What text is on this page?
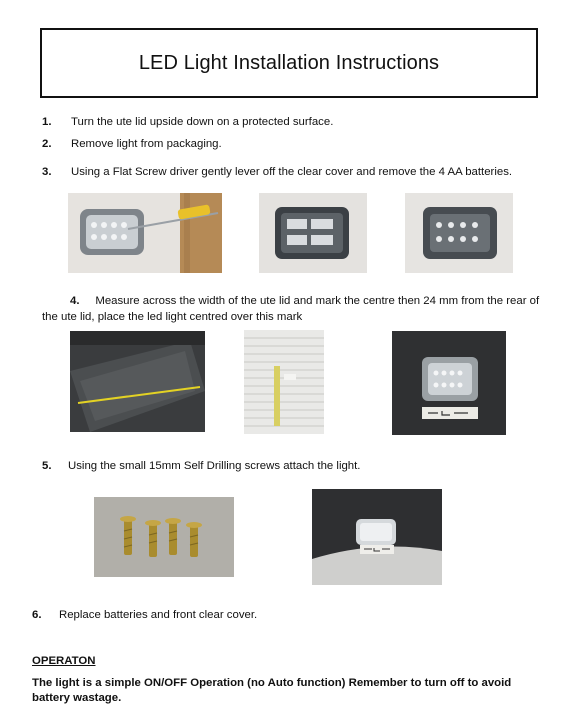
LED Light Installation Instructions
1. Turn the ute lid upside down on a protected surface.
2. Remove light from packaging.
3. Using a Flat Screw driver gently lever off the clear cover and remove the 4 AA batteries.

4. Measure across the width of the ute lid and mark the centre then 24 mm from the rear of the ute lid, place the led light centred over this mark

5. Using the small 15mm Self Drilling screws attach the light.
6. Replace batteries and front clear cover.
OPERATON
The light is a simple ON/OFF Operation (no Auto function) Remember to turn off to avoid battery wastage.
